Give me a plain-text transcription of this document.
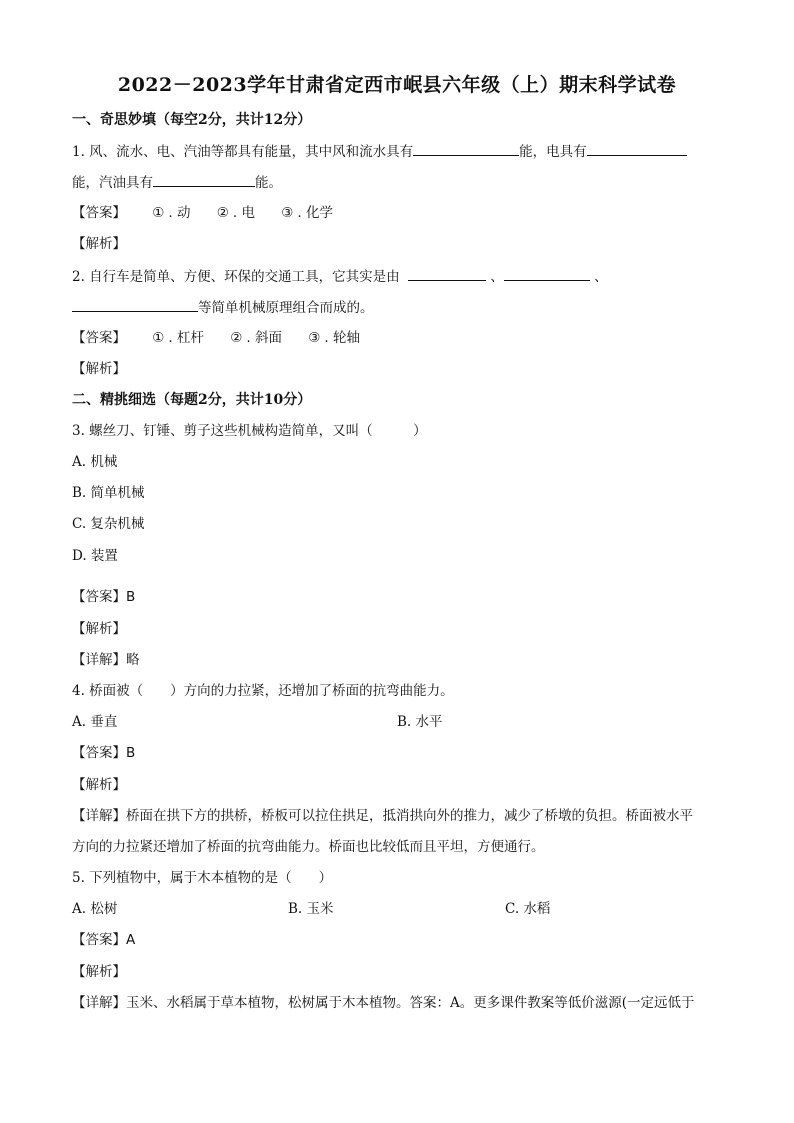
2022－2023学年甘肃省定西市岷县六年级（上）期末科学试卷
一、奇思妙填（每空2分，共计12分）
1. 风、流水、电、汽油等都具有能量，其中风和流水具有	能，电具有
能，汽油具有	能。
【答案】 ① . 动 ② . 电 ③ . 化学
【解析】
2. 自行车是简单、方便、环保的交通工具，它其实是由	、	、
等简单机械原理组合而成的。
【答案】 ① . 杠杆 ② . 斜面 ③ . 轮轴
【解析】
二、精挑细选（每题2分，共计10分）
3. 螺丝刀、钉锤、剪子这些机械构造简单，又叫（　　　）
A. 机械
B. 简单机械
C. 复杂机械
D. 装置
【答案】B
【解析】
【详解】略
4. 桥面被（　　）方向的力拉紧，还增加了桥面的抗弯曲能力。
A. 垂直	B. 水平
【答案】B
【解析】
【详解】桥面在拱下方的拱桥，桥板可以拉住拱足，抵消拱向外的推力，减少了桥墩的负担。桥面被水平
方向的力拉紧还增加了桥面的抗弯曲能力。桥面也比较低而且平坦，方便通行。
5. 下列植物中，属于木本植物的是（　　）
A. 松树	B. 玉米	C. 水稻
【答案】A
【解析】
【详解】玉米、水稻属于草本植物，松树属于木本植物。答案：A。更多课件教案等低价滋源(一定远低于
